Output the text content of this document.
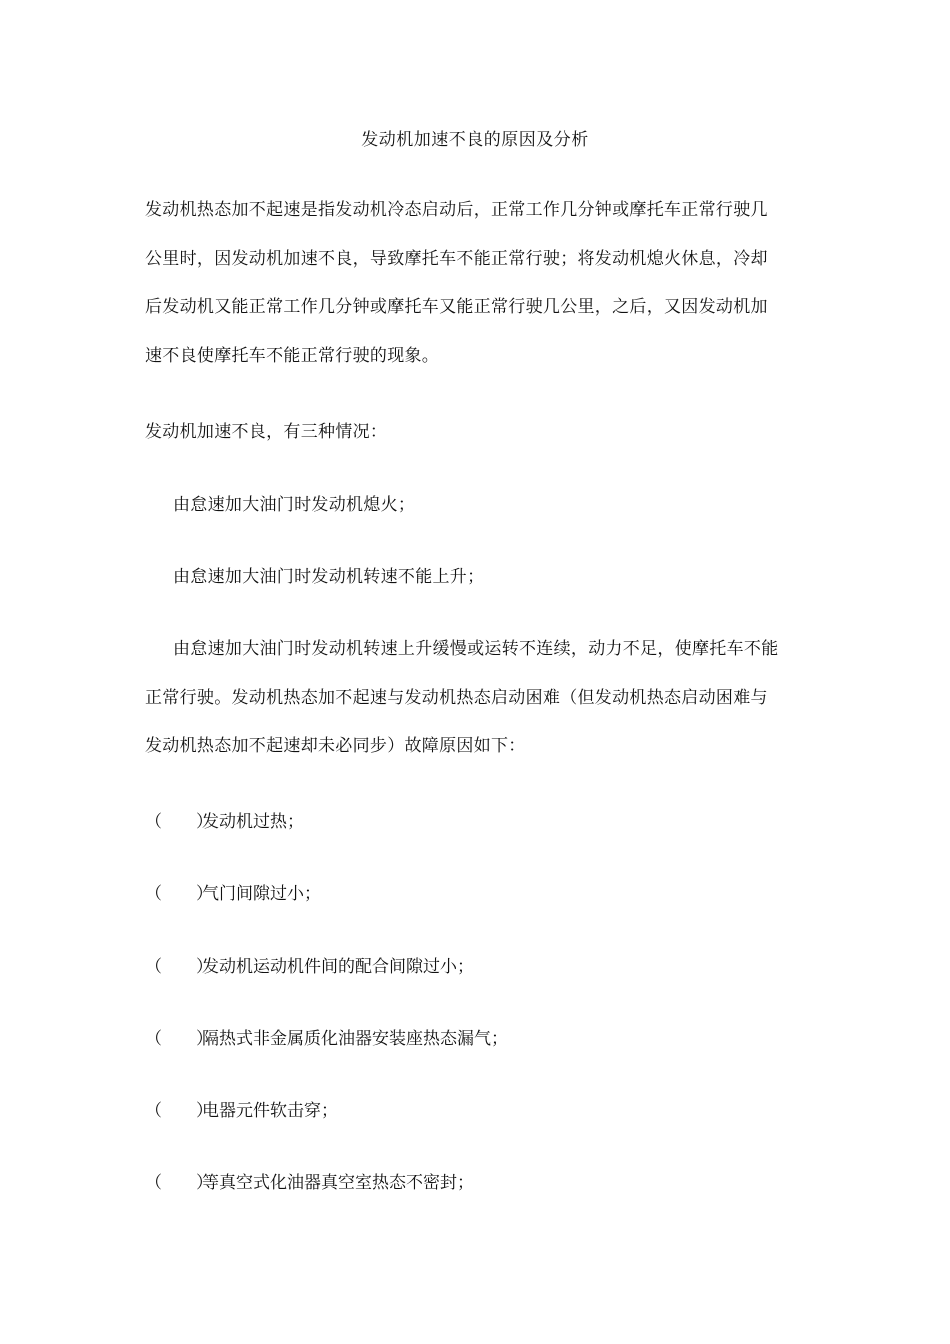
发动机加速不良的原因及分析
发动机热态加不起速是指发动机冷态启动后，正常工作几分钟或摩托车正常行驶几
公里时，因发动机加速不良，导致摩托车不能正常行驶；将发动机熄火休息，冷却
后发动机又能正常工作几分钟或摩托车又能正常行驶几公里，之后，又因发动机加
速不良使摩托车不能正常行驶的现象。
发动机加速不良，有三种情况：
由怠速加大油门时发动机熄火；
由怠速加大油门时发动机转速不能上升；
由怠速加大油门时发动机转速上升缓慢或运转不连续，动力不足，使摩托车不能
正常行驶。发动机热态加不起速与发动机热态启动困难（但发动机热态启动困难与
发动机热态加不起速却未必同步）故障原因如下：
（　　）发动机过热；
（　　）气门间隙过小；
（　　）发动机运动机件间的配合间隙过小；
（　　）隔热式非金属质化油器安装座热态漏气；
（　　）电器元件软击穿；
（　　）等真空式化油器真空室热态不密封；
